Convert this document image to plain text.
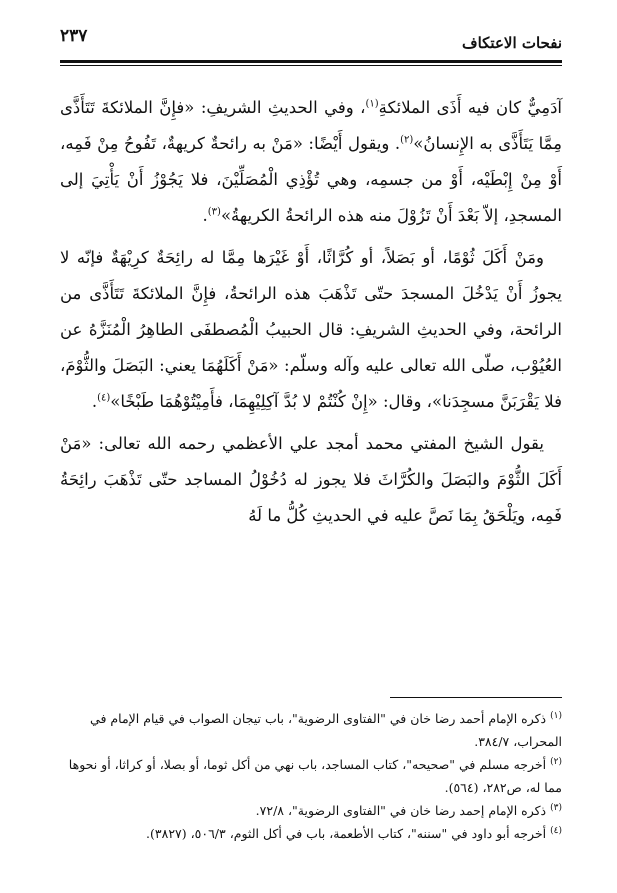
٢٣٧	نفحات الاعتكاف

آدَمِيٌّ كان فيه أَذَى الملائكةِ$^{(١)}$، وفي الحديثِ الشريفِ: «فإِنَّ الملائكةَ تَتَأَذَّى مِمَّا يَتَأَذَّى به الإِنسانُ»$^{(٢)}$. ويقول أَيْضًا: «مَنْ به رائحةٌ كريهةٌ، تَفُوحُ مِنْ فَمِه، أَوْ مِنْ إِبْطَيْه، أَوْ من جسمِه، وهي تُؤْذِي الْمُصَلِّيْنَ، فلا يَجُوْزُ أَنْ يَأْتِيَ إلى المسجدِ، إلاّ بَعْدَ أَنْ تَزُوْلَ منه هذه الرائحةُ الكريهةُ»$^{(٣)}$.

ومَنْ أَكَلَ ثُوْمًا، أو بَصَلاً، أو كُرَّاثًا، أَوْ غَيْرَها مِمَّا له رائِحَةٌ كرِيْهَةٌ فإنّه لا يجوزُ أَنْ يَدْخُلَ المسجدَ حتّى تَذْهَبَ هذه الرائحةُ، فإِنَّ الملائكةَ تَتَأَذَّى من الرائحة، وفي الحديثِ الشريفِ: قال الحبيبُ الْمُصطفَى الطاهِرُ الْمُنَزَّهُ عن العُيُوْب، صلّى الله تعالى عليه وآله وسلّم: «مَنْ أَكَلَهُمَا يعني: البَصَلَ والثُّوْمَ، فلا يَقْرَبَنَّ مسجِدَنا»، وقال: «إِنْ كُنْتُمْ لا بُدَّ آكِلِيْهِمَا، فأَمِيْتُوْهُمَا طَبْخًا»$^{(٤)}$.

يقول الشيخ المفتي محمد أمجد علي الأعظمي رحمه الله تعالى: «مَنْ أَكَلَ الثُّوْمَ والبَصَلَ والكُرَّاثَ فلا يجوز له دُخُوْلُ المساجد حتّى تَذْهَبَ رائِحَةُ فَمِه، ويَلْحَقُ بِمَا نَصَّ عليه في الحديثِ كُلُّ ما لَهُ

$^{(١)}$ذكره الإمام أحمد رضا خان في "الفتاوى الرضوية"، باب تيجان الصواب في قيام الإمام في المحراب، ٣٨٤/٧.

$^{(٢)}$أخرجه مسلم في "صحيحه"، كتاب المساجد، باب نهي من أكل ثوما، أو بصلا، أو كراثا، أو نحوها مما له، ص٢٨٢، (٥٦٤).

$^{(٣)}$ذكره الإمام إحمد رضا خان في "الفتاوى الرضوية"، ٧٢/٨.

$^{(٤)}$أخرجه أبو داود في "سننه"، كتاب الأطعمة، باب في أكل الثوم، ٥٠٦/٣، (٣٨٢٧).
